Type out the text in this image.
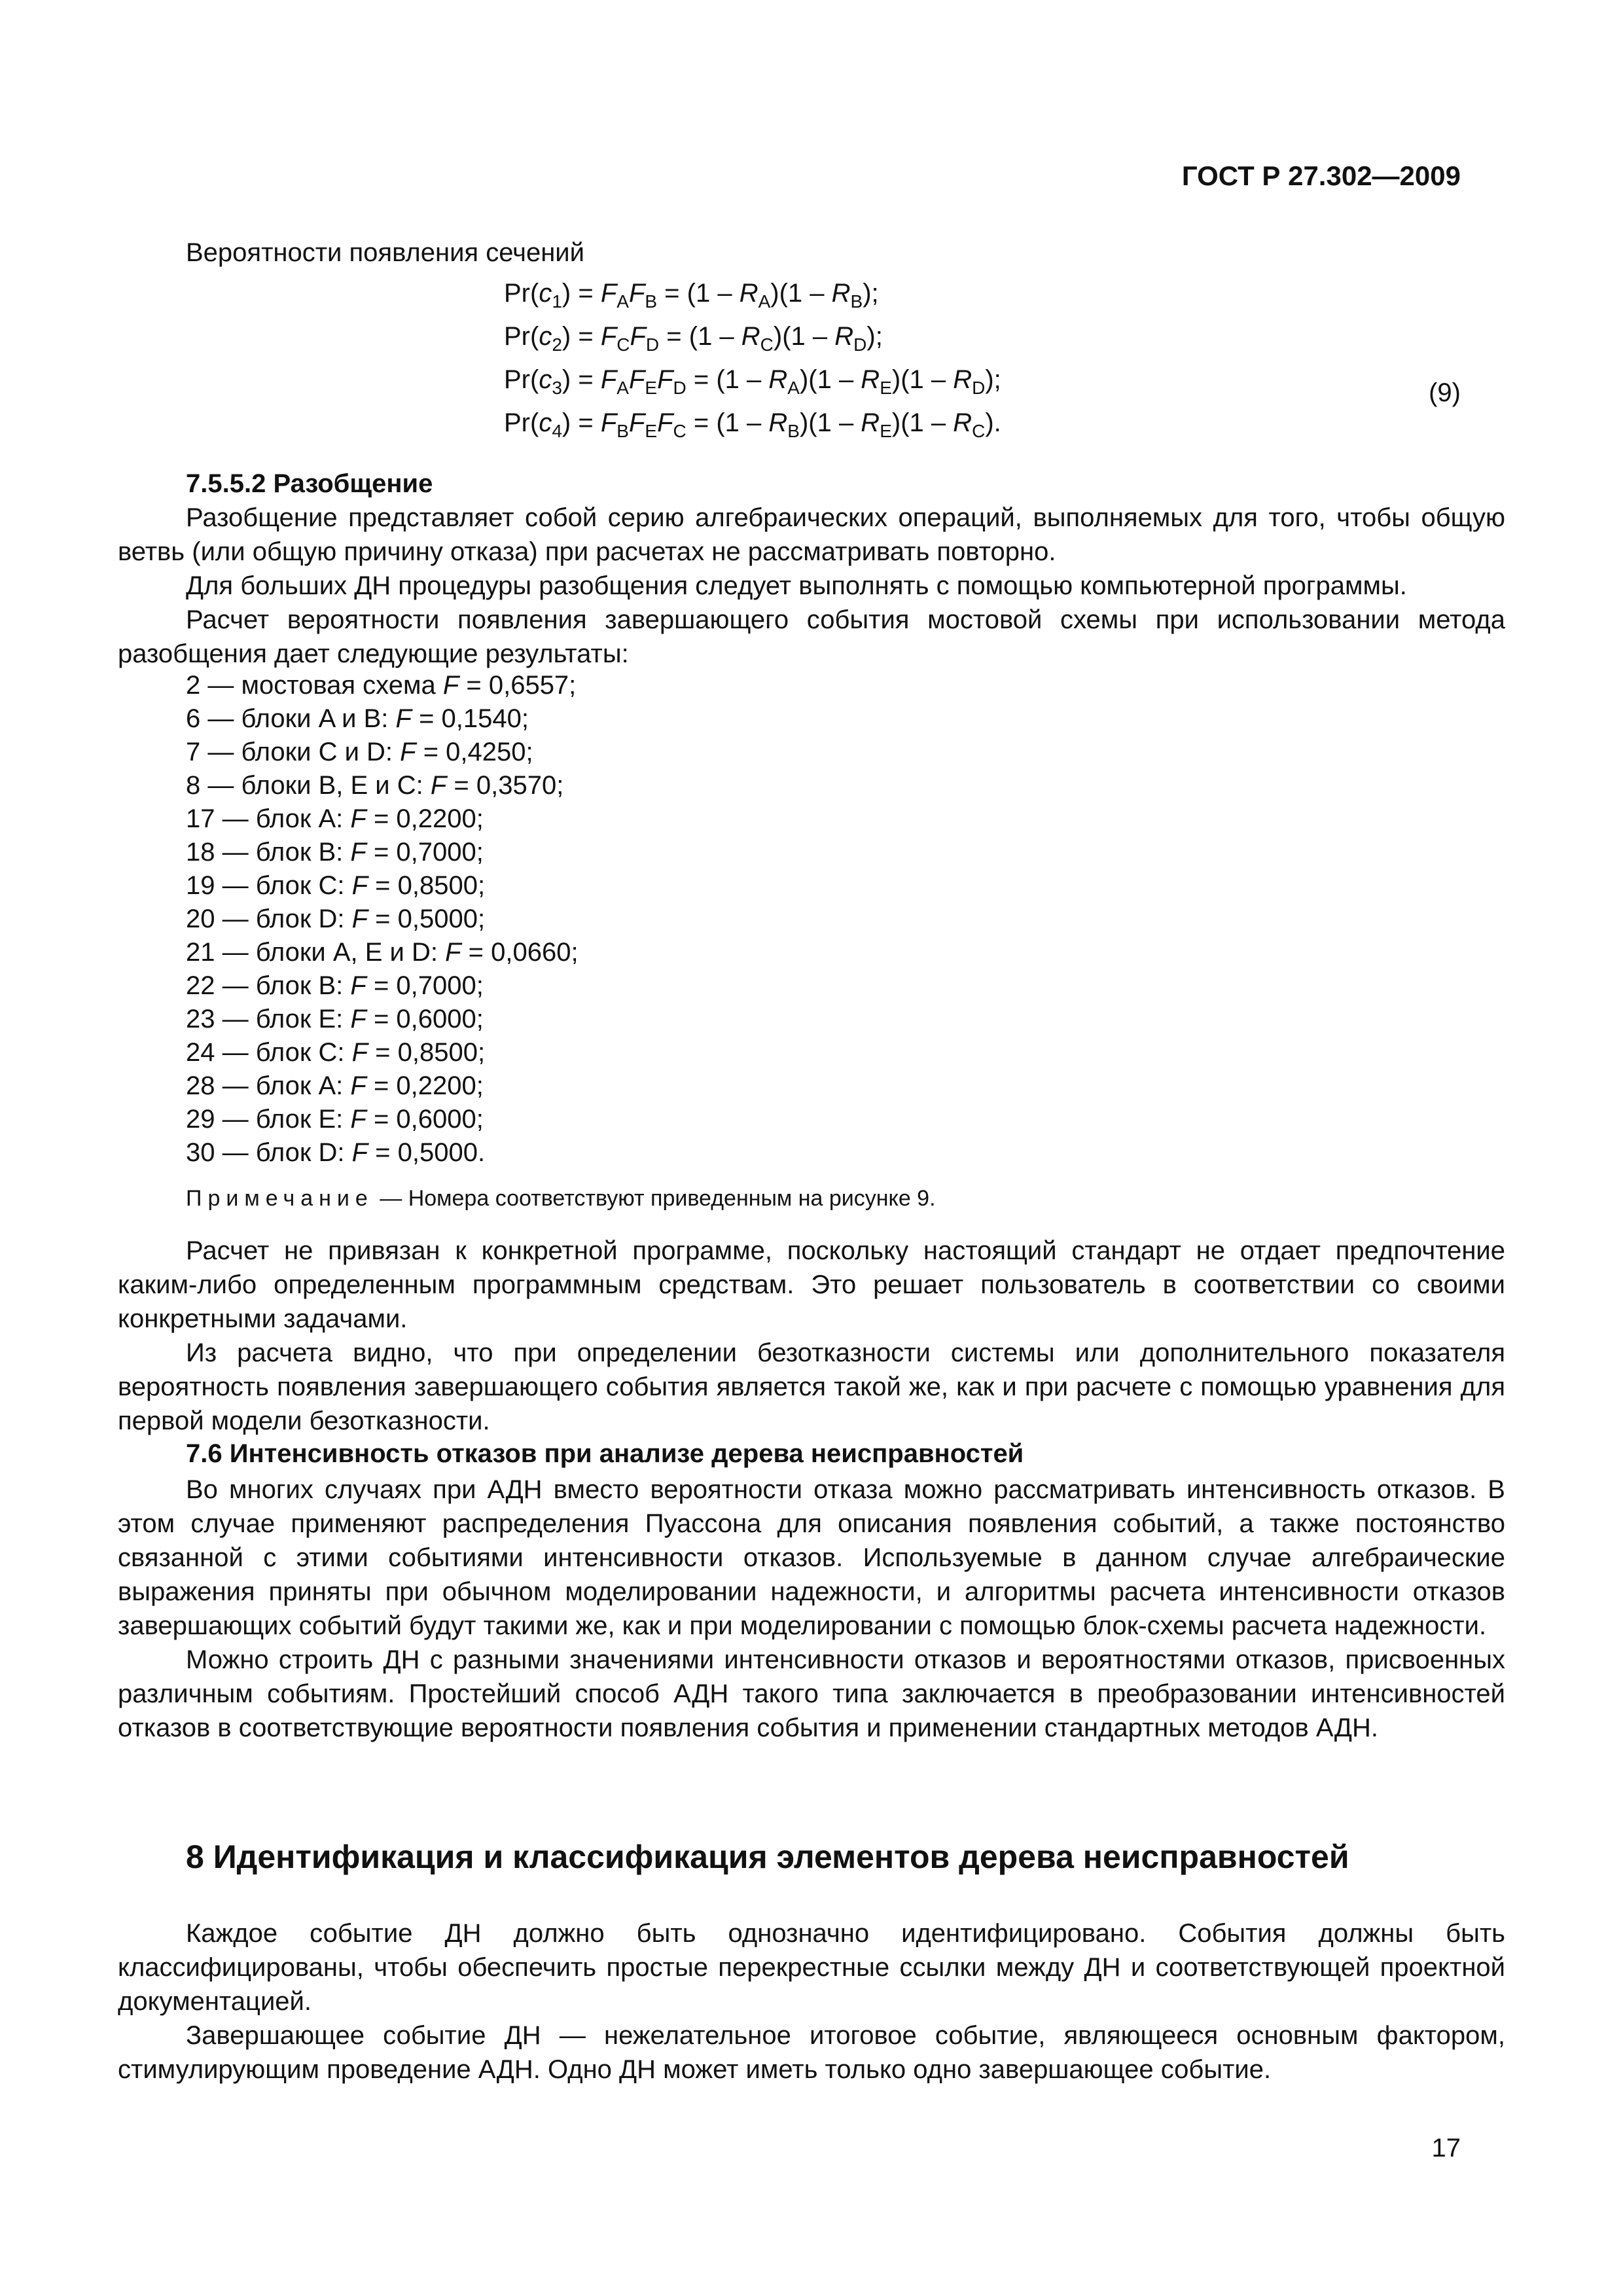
ГОСТ Р 27.302—2009
Вероятности появления сечений
$Pr(c_1) = F_AF_B = (1 - R_A)(1 - R_B)$;
$Pr(c_2) = F_CF_D = (1 - R_C)(1 - R_D)$;
$Pr(c_3) = F_AF_EF_D = (1 - R_A)(1 - R_E)(1 - R_D)$;
$Pr(c_4) = F_BF_EF_C = (1 - R_B)(1 - R_E)(1 - R_C)$.
(9)
7.5.5.2 Разобщение

Разобщение представляет собой серию алгебраических операций, выполняемых для того, чтобы общую ветвь (или общую причину отказа) при расчетах не рассматривать повторно.

Для больших ДН процедуры разобщения следует выполнять с помощью компьютерной программы.

Расчет вероятности появления завершающего события мостовой схемы при использовании метода разобщения дает следующие результаты:

2 — мостовая схема F = 0,6557;
6 — блоки A и B: F = 0,1540;
7 — блоки C и D: F = 0,4250;
8 — блоки B, E и C: F = 0,3570;
17 — блок A: F = 0,2200;
18 — блок B: F = 0,7000;
19 — блок C: F = 0,8500;
20 — блок D: F = 0,5000;
21 — блоки A, E и D: F = 0,0660;
22 — блок B: F = 0,7000;
23 — блок E: F = 0,6000;
24 — блок C: F = 0,8500;
28 — блок A: F = 0,2200;
29 — блок E: F = 0,6000;
30 — блок D: F = 0,5000.
Примечание — Номера соответствуют приведенным на рисунке 9.

Расчет не привязан к конкретной программе, поскольку настоящий стандарт не отдает предпочтение каким-либо определенным программным средствам. Это решает пользователь в соответствии со своими конкретными задачами.

Из расчета видно, что при определении безотказности системы или дополнительного показателя вероятность появления завершающего события является такой же, как и при расчете с помощью уравнения для первой модели безотказности.

7.6 Интенсивность отказов при анализе дерева неисправностей

Во многих случаях при АДН вместо вероятности отказа можно рассматривать интенсивность отказов. В этом случае применяют распределения Пуассона для описания появления событий, а также постоянство связанной с этими событиями интенсивности отказов. Используемые в данном случае алгебраические выражения приняты при обычном моделировании надежности, и алгоритмы расчета интенсивности отказов завершающих событий будут такими же, как и при моделировании с помощью блок-схемы расчета надежности.

Можно строить ДН с разными значениями интенсивности отказов и вероятностями отказов, присвоенных различным событиям. Простейший способ АДН такого типа заключается в преобразовании интенсивностей отказов в соответствующие вероятности появления события и применении стандартных методов АДН.

8 Идентификация и классификация элементов дерева неисправностей

Каждое событие ДН должно быть однозначно идентифицировано. События должны быть классифицированы, чтобы обеспечить простые перекрестные ссылки между ДН и соответствующей проектной документацией.

Завершающее событие ДН — нежелательное итоговое событие, являющееся основным фактором, стимулирующим проведение АДН. Одно ДН может иметь только одно завершающее событие.

17
